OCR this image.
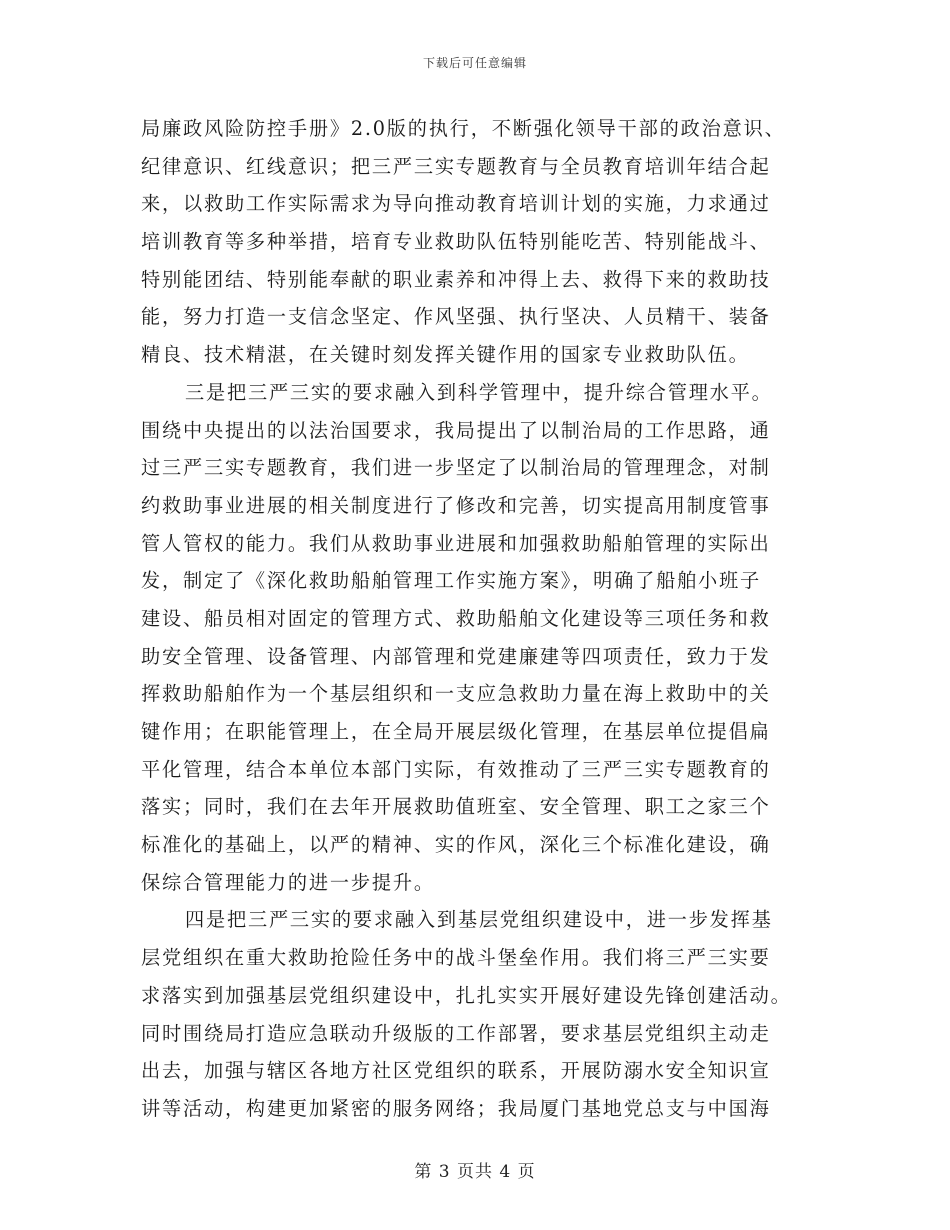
下载后可任意编辑
局廉政风险防控手册》2.0版的执行，不断强化领导干部的政治意识、
纪律意识、红线意识；把三严三实专题教育与全员教育培训年结合起
来，以救助工作实际需求为导向推动教育培训计划的实施，力求通过
培训教育等多种举措，培育专业救助队伍特别能吃苦、特别能战斗、
特别能团结、特别能奉献的职业素养和冲得上去、救得下来的救助技
能，努力打造一支信念坚定、作风坚强、执行坚决、人员精干、装备
精良、技术精湛，在关键时刻发挥关键作用的国家专业救助队伍。
三是把三严三实的要求融入到科学管理中，提升综合管理水平。
围绕中央提出的以法治国要求，我局提出了以制治局的工作思路，通
过三严三实专题教育，我们进一步坚定了以制治局的管理理念，对制
约救助事业进展的相关制度进行了修改和完善，切实提高用制度管事
管人管权的能力。我们从救助事业进展和加强救助船舶管理的实际出
发，制定了《深化救助船舶管理工作实施方案》，明确了船舶小班子
建设、船员相对固定的管理方式、救助船舶文化建设等三项任务和救
助安全管理、设备管理、内部管理和党建廉建等四项责任，致力于发
挥救助船舶作为一个基层组织和一支应急救助力量在海上救助中的关
键作用；在职能管理上，在全局开展层级化管理，在基层单位提倡扁
平化管理，结合本单位本部门实际，有效推动了三严三实专题教育的
落实；同时，我们在去年开展救助值班室、安全管理、职工之家三个
标准化的基础上，以严的精神、实的作风，深化三个标准化建设，确
保综合管理能力的进一步提升。
四是把三严三实的要求融入到基层党组织建设中，进一步发挥基
层党组织在重大救助抢险任务中的战斗堡垒作用。我们将三严三实要
求落实到加强基层党组织建设中，扎扎实实开展好建设先锋创建活动。
同时围绕局打造应急联动升级版的工作部署，要求基层党组织主动走
出去，加强与辖区各地方社区党组织的联系，开展防溺水安全知识宣
讲等活动，构建更加紧密的服务网络；我局厦门基地党总支与中国海
第 3 页共 4 页
